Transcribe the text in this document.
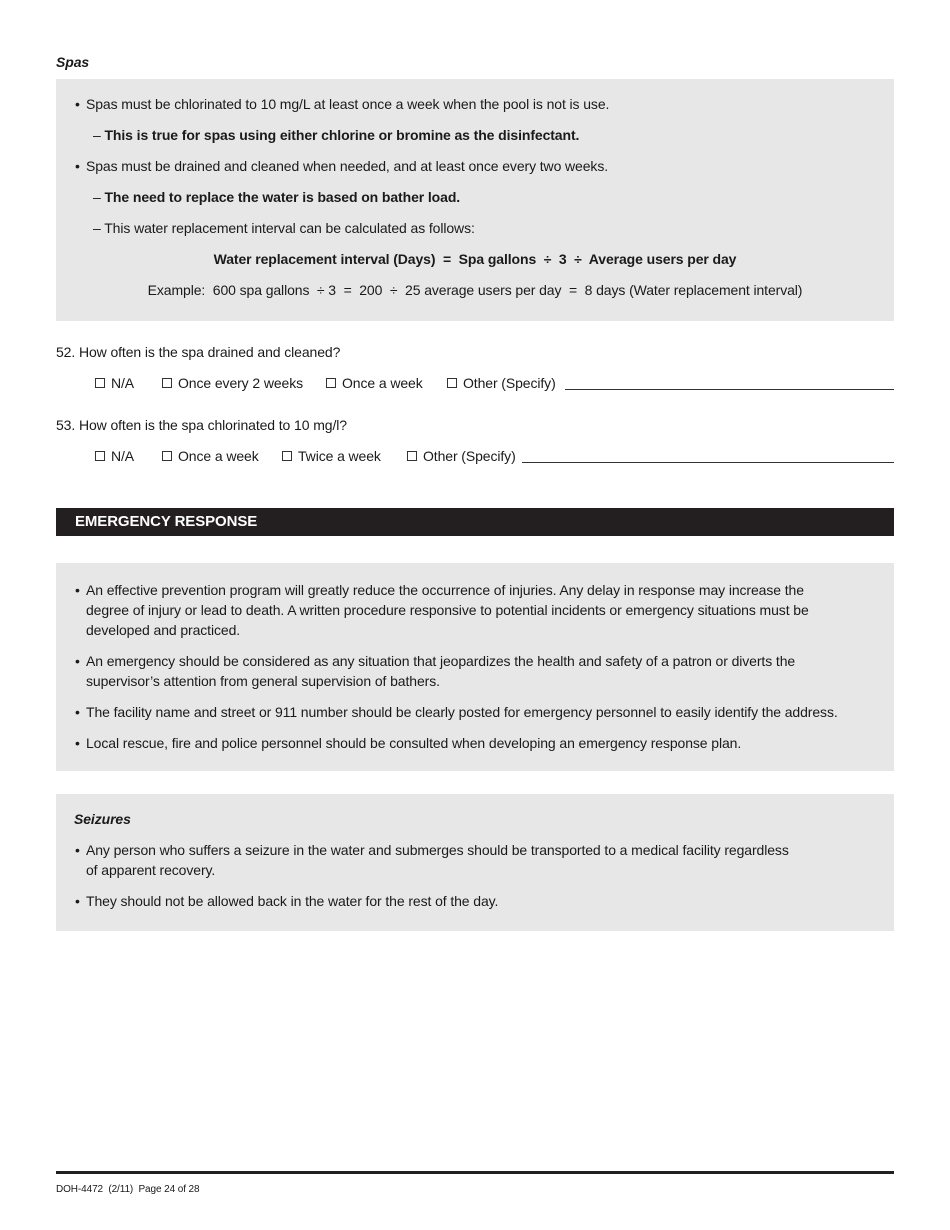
Spas
• Spas must be chlorinated to 10 mg/L at least once a week when the pool is not is use.
– This is true for spas using either chlorine or bromine as the disinfectant.
• Spas must be drained and cleaned when needed, and at least once every two weeks.
– The need to replace the water is based on bather load.
– This water replacement interval can be calculated as follows:
Water replacement interval (Days)  =  Spa gallons  ÷  3  ÷  Average users per day
Example:  600 spa gallons  ÷ 3  =  200  ÷  25 average users per day  =  8 days (Water replacement interval)
52. How often is the spa drained and cleaned?
N/A	Once every 2 weeks	Once a week	Other (Specify)
53. How often is the spa chlorinated to 10 mg/l?
N/A	Once a week	Twice a week	Other (Specify)
EMERGENCY RESPONSE
• An effective prevention program will greatly reduce the occurrence of injuries. Any delay in response may increase the
degree of injury or lead to death. A written procedure responsive to potential incidents or emergency situations must be
developed and practiced.
• An emergency should be considered as any situation that jeopardizes the health and safety of a patron or diverts the
supervisor’s attention from general supervision of bathers.
• The facility name and street or 911 number should be clearly posted for emergency personnel to easily identify the address.
• Local rescue, fire and police personnel should be consulted when developing an emergency response plan.
Seizures
• Any person who suffers a seizure in the water and submerges should be transported to a medical facility regardless
of apparent recovery.
• They should not be allowed back in the water for the rest of the day.
DOH-4472  (2/11)  Page 24 of 28
